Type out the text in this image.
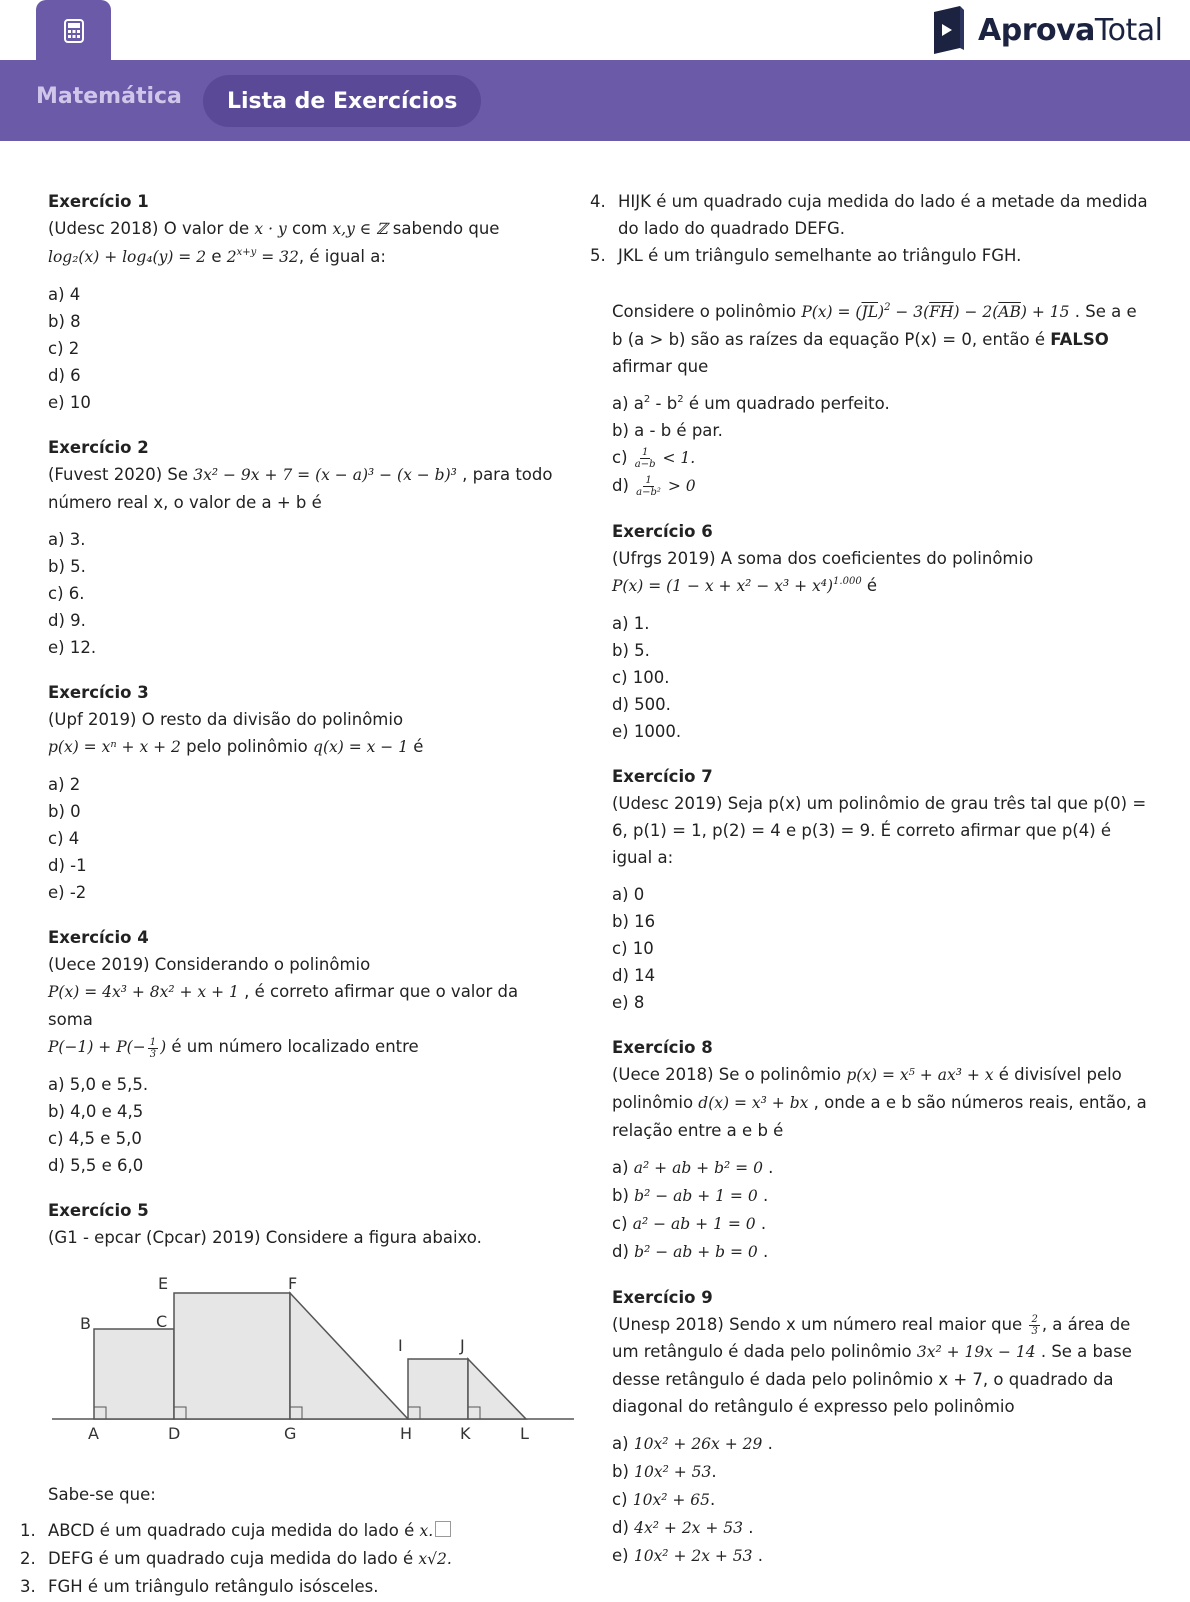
Matemática	Lista de Exercícios
AprovaTotal
Exercício 1
(Udesc 2018) O valor de x · y com x,y ∈ ℤ sabendo que
log₂(x) + log₄(y) = 2 e $2^{x+y} = 32$, é igual a:
a) 4
b) 8
c) 2
d) 6
e) 10
Exercício 2
(Fuvest 2020) Se 3x² − 9x + 7 = (x − a)³ − (x − b)³ , para todo número real x, o valor de a + b é
a) 3.
b) 5.
c) 6.
d) 9.
e) 12.
Exercício 3
(Upf 2019) O resto da divisão do polinômio
p(x) = xⁿ + x + 2 pelo polinômio q(x) = x − 1 é
a) 2
b) 0
c) 4
d) -1
e) -2
Exercício 4
(Uece 2019) Considerando o polinômio
P(x) = 4x³ + 8x² + x + 1 , é correto afirmar que o valor da soma
$P(-1) + P(- \frac{1}{3}$ ) é um número localizado entre
a) 5,0 e 5,5.
b) 4,0 e 4,5
c) 4,5 e 5,0
d) 5,5 e 6,0
Exercício 5
(G1 - epcar (Cpcar) 2019) Considere a figura abaixo.
A
B	C
D
E	F
G	H
I	J
K	L
Sabe-se que:
1. ABCD é um quadrado cuja medida do lado é x.
2. DEFG é um quadrado cuja medida do lado é x√2.
3. FGH é um triângulo retângulo isósceles.
4. HIJK é um quadrado cuja medida do lado é a metade da medida do lado do quadrado DEFG.
5. JKL é um triângulo semelhante ao triângulo FGH.
Considere o polinômio $P(x) = (\overline{JL})^2 - 3(\overline{FH}) - 2(\overline{AB}) + 15$ . Se a e b (a > b) são as raízes da equação P(x) = 0, então é FALSO afirmar que
a) $a^2 - b^2$ é um quadrado perfeito.
b) a - b é par.
$c) \frac{1}{a-b} < 1$.
$d) \frac{1}{\text{a−b²}} > 0$
Exercício 6
(Ufrgs 2019) A soma dos coeficientes do polinômio
$P(x) = (1 - x + x^2 - x^3 + x^4)^{1.000}$ é
a) 1.
b) 5.
c) 100.
d) 500.
e) 1000.
Exercício 7
(Udesc 2019) Seja p(x) um polinômio de grau três tal que p(0) = 6, p(1) = 1, p(2) = 4 e p(3) = 9. É correto afirmar que p(4) é igual a:
a) 0
b) 16
c) 10
d) 14
e) 8
Exercício 8
(Uece 2018) Se o polinômio p(x) = x⁵ + ax³ + x é divisível pelo polinômio d(x) = x³ + bx , onde a e b são números reais, então, a relação entre a e b é
a) a² + ab + b² = 0 .
b) b² − ab + 1 = 0 .
c) a² − ab + 1 = 0 .
d) b² − ab + b = 0 .
Exercício 9
(Unesp 2018) Sendo x um número real maior que $\frac{2}{3}$ , a área de um retângulo é dada pelo polinômio 3x² + 19x − 14 . Se a base desse retângulo é dada pelo polinômio x + 7, o quadrado da diagonal do retângulo é expresso pelo polinômio
a) 10x² + 26x + 29 .
b) 10x² + 53.
c) 10x² + 65.
d) 4x² + 2x + 53 .
e) 10x² + 2x + 53 .
